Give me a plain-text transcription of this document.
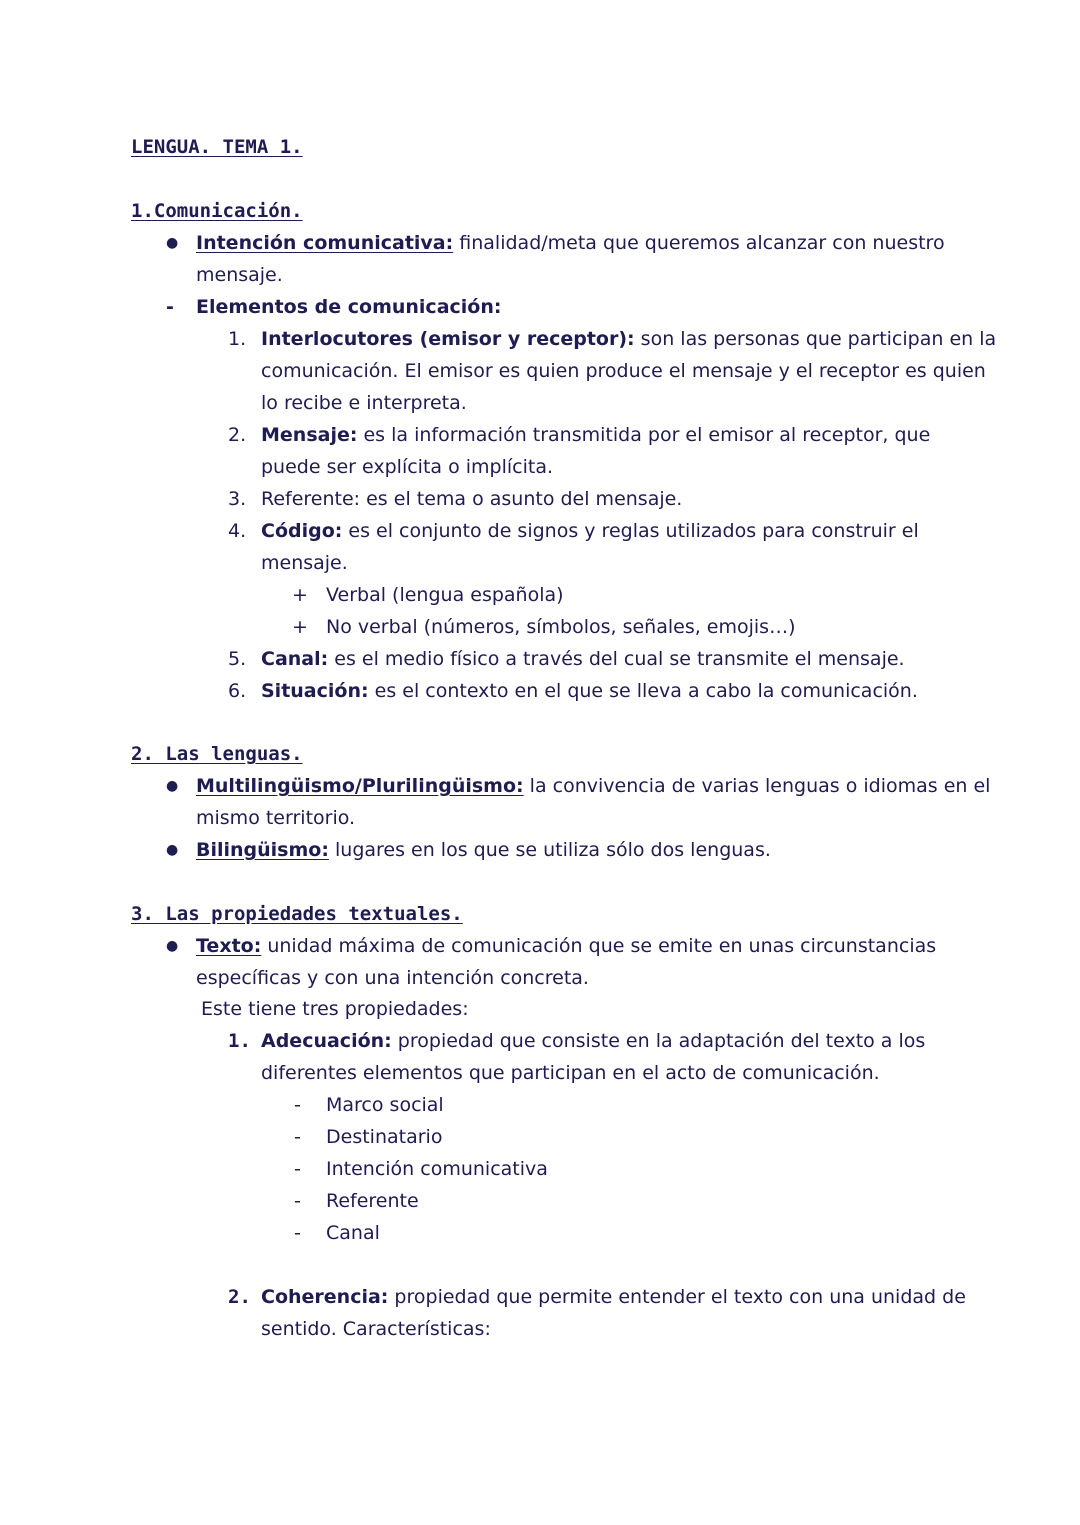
LENGUA. TEMA 1.
1.Comunicación.
● Intención comunicativa: finalidad/meta que queremos alcanzar con nuestro
mensaje.
- Elementos de comunicación:
1. Interlocutores (emisor y receptor): son las personas que participan en la
comunicación. El emisor es quien produce el mensaje y el receptor es quien
lo recibe e interpreta.
2. Mensaje: es la información transmitida por el emisor al receptor, que
puede ser explícita o implícita.
3. Referente: es el tema o asunto del mensaje.
4. Código: es el conjunto de signos y reglas utilizados para construir el
mensaje.
+ Verbal (lengua española)
+ No verbal (números, símbolos, señales, emojis…)
5. Canal: es el medio físico a través del cual se transmite el mensaje.
6. Situación: es el contexto en el que se lleva a cabo la comunicación.
2. Las lenguas.
● Multilingüismo/Plurilingüismo: la convivencia de varias lenguas o idiomas en el
mismo territorio.
● Bilingüismo: lugares en los que se utiliza sólo dos lenguas.
3. Las propiedades textuales.
● Texto: unidad máxima de comunicación que se emite en unas circunstancias
específicas y con una intención concreta.
Este tiene tres propiedades:
1. Adecuación: propiedad que consiste en la adaptación del texto a los
diferentes elementos que participan en el acto de comunicación.
- Marco social
- Destinatario
- Intención comunicativa
- Referente
- Canal
2. Coherencia: propiedad que permite entender el texto con una unidad de
sentido. Características:
